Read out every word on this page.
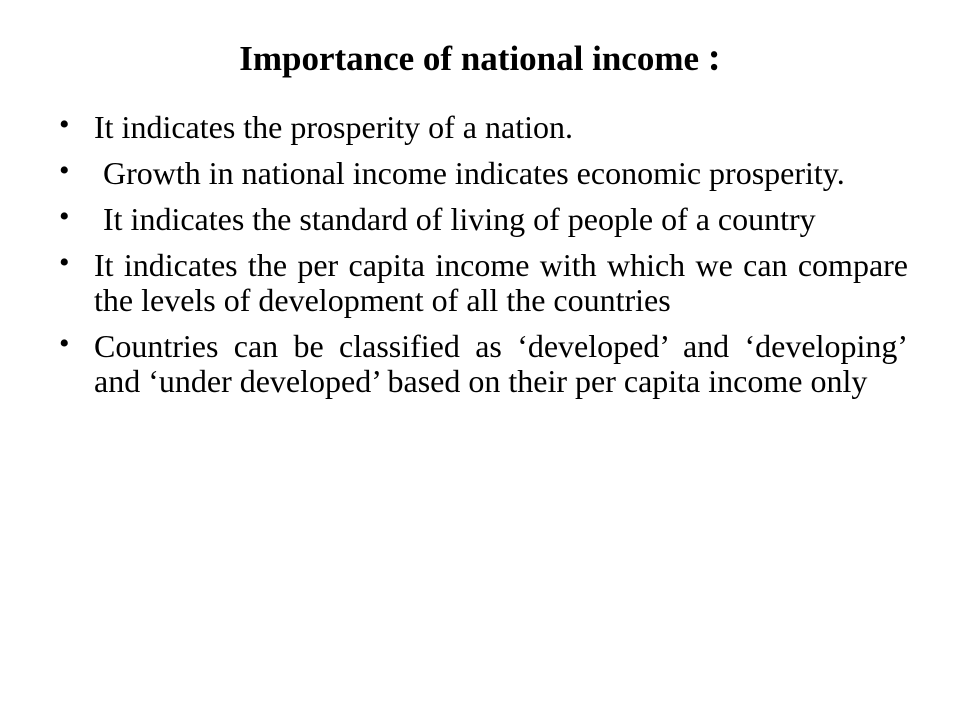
Importance of national income :
• It indicates the prosperity of a nation.
• Growth in national income indicates economic prosperity.
• It indicates the standard of living of people of a country
• It indicates the per capita income with which we can compare the levels of development of all the countries
• Countries can be classified as ‘developed’ and ‘developing’ and ‘under developed’ based on their per capita income only
